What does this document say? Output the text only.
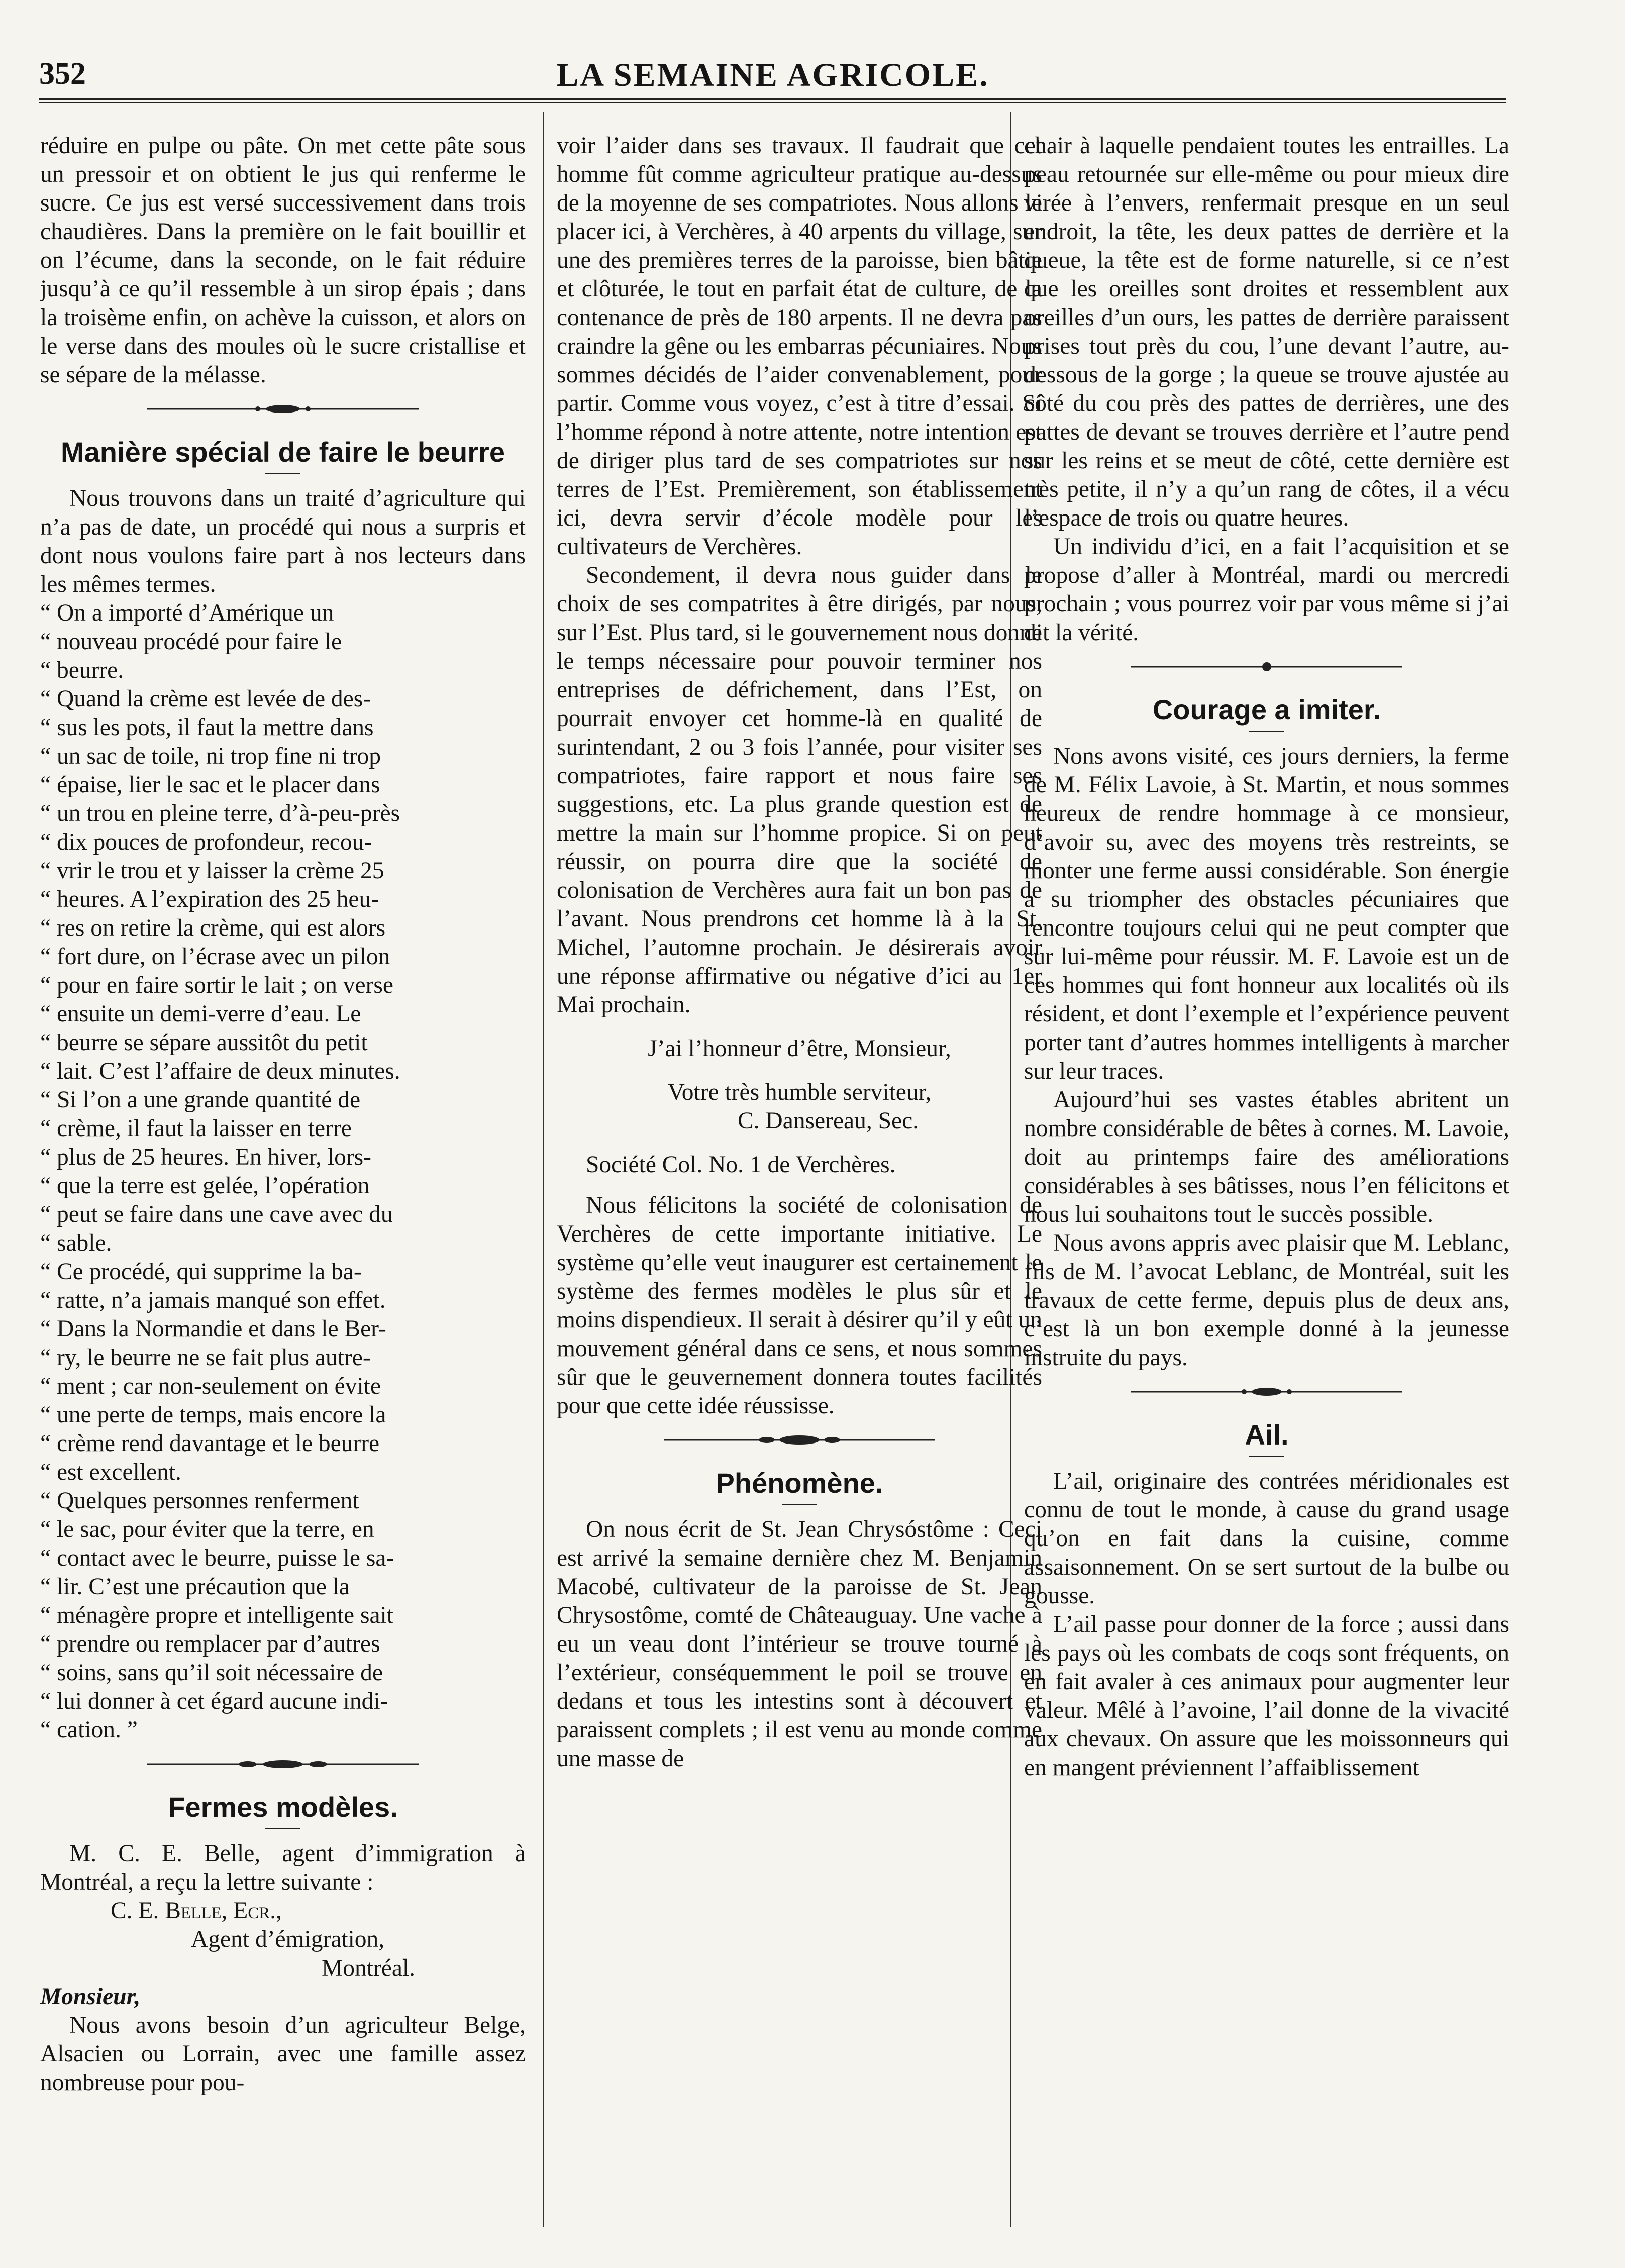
352	LA SEMAINE AGRICOLE.

réduire en pulpe ou pâte. On met cette pâte sous un pressoir et on obtient le jus qui renferme le sucre. Ce jus est versé successivement dans trois chaudières. Dans la première on le fait bouillir et on l’écume, dans la seconde, on le fait réduire jusqu’à ce qu’il ressemble à un sirop épais ; dans la troisème enfin, on achève la cuisson, et alors on le verse dans des moules où le sucre cristallise et se sépare de la mélasse.

Manière spécial de faire le beurre

Nous trouvons dans un traité d’agriculture qui n’a pas de date, un procédé qui nous a surpris et dont nous voulons faire part à nos lecteurs dans les mêmes termes.

“ On a importé d’Amérique un
“ nouveau procédé pour faire le
“ beurre.
“ Quand la crème est levée de des-
“ sus les pots, il faut la mettre dans
“ un sac de toile, ni trop fine ni trop
“ épaise, lier le sac et le placer dans
“ un trou en pleine terre, d’à-peu-près
“ dix pouces de profondeur, recou-
“ vrir le trou et y laisser la crème 25
“ heures. A l’expiration des 25 heu-
“ res on retire la crème, qui est alors
“ fort dure, on l’écrase avec un pilon
“ pour en faire sortir le lait ; on verse
“ ensuite un demi-verre d’eau. Le
“ beurre se sépare aussitôt du petit
“ lait. C’est l’affaire de deux minutes.
“ Si l’on a une grande quantité de
“ crème, il faut la laisser en terre
“ plus de 25 heures. En hiver, lors-
“ que la terre est gelée, l’opération
“ peut se faire dans une cave avec du
“ sable.
“ Ce procédé, qui supprime la ba-
“ ratte, n’a jamais manqué son effet.
“ Dans la Normandie et dans le Ber-
“ ry, le beurre ne se fait plus autre-
“ ment ; car non-seulement on évite
“ une perte de temps, mais encore la
“ crème rend davantage et le beurre
“ est excellent.
“ Quelques personnes renferment
“ le sac, pour éviter que la terre, en
“ contact avec le beurre, puisse le sa-
“ lir. C’est une précaution que la
“ ménagère propre et intelligente sait
“ prendre ou remplacer par d’autres
“ soins, sans qu’il soit nécessaire de
“ lui donner à cet égard aucune indi-
“ cation. ”
Fermes modèles.

M. C. E. Belle, agent d’immigration à Montréal, a reçu la lettre suivante :

C. E. Belle, Ecr.,
Agent d’émigration,
Montréal.
Monsieur,

Nous avons besoin d’un agriculteur Belge, Alsacien ou Lorrain, avec une famille assez nombreuse pour pou-

voir l’aider dans ses travaux. Il faudrait que cet homme fût comme agriculteur pratique au-dessus de la moyenne de ses compatriotes. Nous allons le placer ici, à Verchères, à 40 arpents du village, sur une des premières terres de la paroisse, bien bâtie et clôturée, le tout en parfait état de culture, de la contenance de près de 180 arpents. Il ne devra pas craindre la gêne ou les embarras pécuniaires. Nous sommes décidés de l’aider convenablement, pour partir. Comme vous voyez, c’est à titre d’essai. Si l’homme répond à notre attente, notre intention est de diriger plus tard de ses compatriotes sur nos terres de l’Est. Premièrement, son établissement ici, devra servir d’école modèle pour les cultivateurs de Verchères.

Secondement, il devra nous guider dans le choix de ses compatrites à être dirigés, par nous, sur l’Est. Plus tard, si le gouvernement nous donne le temps nécessaire pour pouvoir terminer nos entreprises de défrichement, dans l’Est, on pourrait envoyer cet homme-là en qualité de surintendant, 2 ou 3 fois l’année, pour visiter ses compatriotes, faire rapport et nous faire ses suggestions, etc. La plus grande question est de mettre la main sur l’homme propice. Si on peut réussir, on pourra dire que la société de colonisation de Verchères aura fait un bon pas de l’avant. Nous prendrons cet homme là à la St. Michel, l’automne prochain. Je désirerais avoir une réponse affirmative ou négative d’ici au 1er Mai prochain.

J’ai l’honneur d’être, Monsieur,

Votre très humble serviteur,

C. Dansereau, Sec.

Société Col. No. 1 de Verchères.

Nous félicitons la société de colonisation de Verchères de cette importante initiative. Le système qu’elle veut inaugurer est certainement le système des fermes modèles le plus sûr et le moins dispendieux. Il serait à désirer qu’il y eût un mouvement général dans ce sens, et nous sommes sûr que le geuvernement donnera toutes facilités pour que cette idée réussisse.

Phénomène.

On nous écrit de St. Jean Chrysóstôme : Ceci est arrivé la semaine dernière chez M. Benjamin Macobé, cultivateur de la paroisse de St. Jean Chrysostôme, comté de Châteauguay. Une vache à eu un veau dont l’intérieur se trouve tourné à l’extérieur, conséquemment le poil se trouve en dedans et tous les intestins sont à découvert et paraissent complets ; il est venu au monde comme une masse de

chair à laquelle pendaient toutes les entrailles. La peau retournée sur elle-même ou pour mieux dire virée à l’envers, renfermait presque en un seul endroit, la tête, les deux pattes de derrière et la queue, la tête est de forme naturelle, si ce n’est que les oreilles sont droites et ressemblent aux oreilles d’un ours, les pattes de derrière paraissent prises tout près du cou, l’une devant l’autre, au-dessous de la gorge ; la queue se trouve ajustée au côté du cou près des pattes de derrières, une des pattes de devant se trouves derrière et l’autre pend sur les reins et se meut de côté, cette dernière est très petite, il n’y a qu’un rang de côtes, il a vécu l’espace de trois ou quatre heures.

Un individu d’ici, en a fait l’acquisition et se propose d’aller à Montréal, mardi ou mercredi prochain ; vous pourrez voir par vous même si j’ai dit la vérité.

Courage a imiter.

Nons avons visité, ces jours derniers, la ferme de M. Félix Lavoie, à St. Martin, et nous sommes heureux de rendre hommage à ce monsieur, d’avoir su, avec des moyens très restreints, se monter une ferme aussi considérable. Son énergie a su triompher des obstacles pécuniaires que rencontre toujours celui qui ne peut compter que sur lui-même pour réussir. M. F. Lavoie est un de ces hommes qui font honneur aux localités où ils résident, et dont l’exemple et l’expérience peuvent porter tant d’autres hommes intelligents à marcher sur leur traces.

Aujourd’hui ses vastes étables abritent un nombre considérable de bêtes à cornes. M. Lavoie, doit au printemps faire des améliorations considérables à ses bâtisses, nous l’en félicitons et nous lui souhaitons tout le succès possible.

Nous avons appris avec plaisir que M. Leblanc, fils de M. l’avocat Leblanc, de Montréal, suit les travaux de cette ferme, depuis plus de deux ans, c’est là un bon exemple donné à la jeunesse instruite du pays.

Ail.

L’ail, originaire des contrées méridionales est connu de tout le monde, à cause du grand usage qu’on en fait dans la cuisine, comme assaisonnement. On se sert surtout de la bulbe ou gousse.

L’ail passe pour donner de la force ; aussi dans les pays où les combats de coqs sont fréquents, on en fait avaler à ces animaux pour augmenter leur valeur. Mêlé à l’avoine, l’ail donne de la vivacité aux chevaux. On assure que les moissonneurs qui en mangent préviennent l’affaiblissement
